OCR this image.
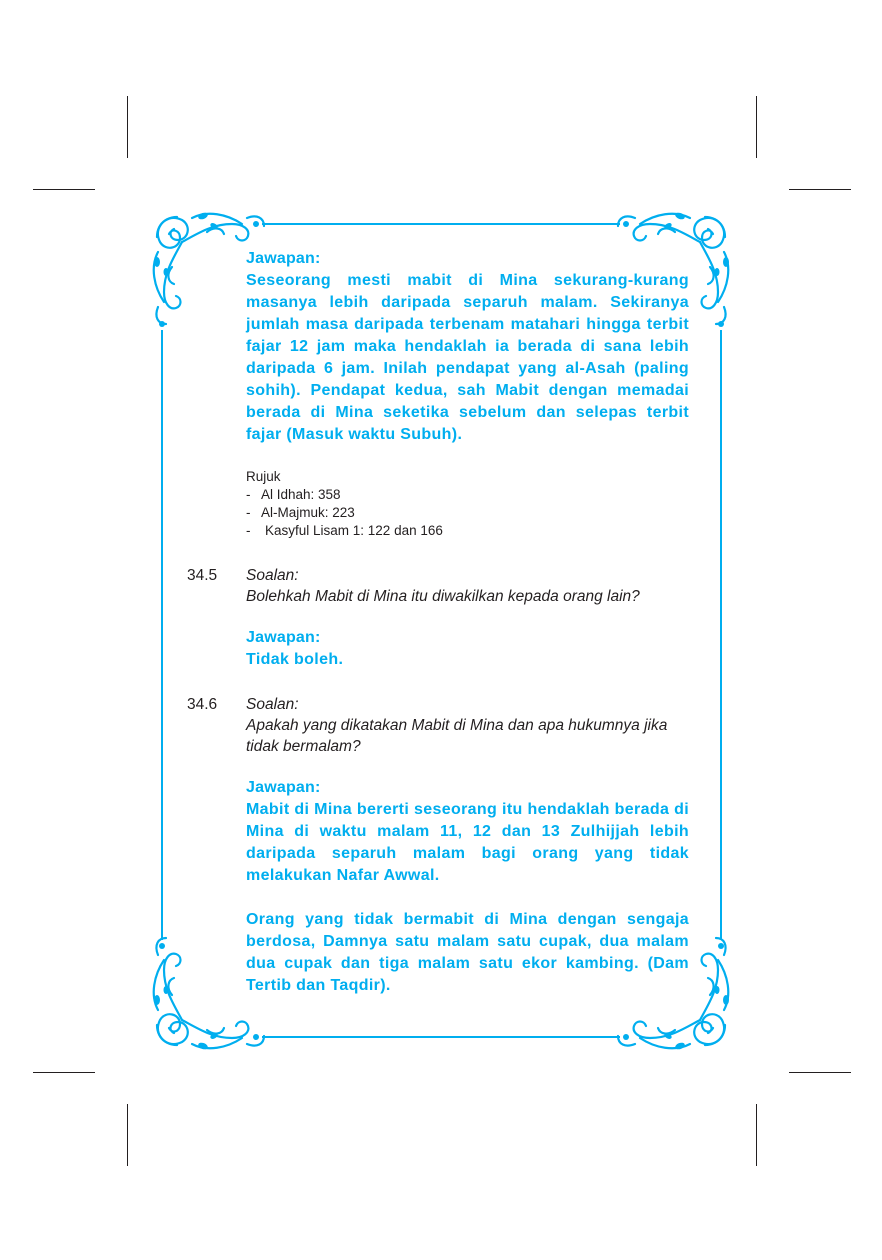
Jawapan:
Seseorang mesti mabit di Mina sekurang-kurang masanya lebih daripada separuh malam. Sekiranya jumlah masa daripada terbenam matahari hingga terbit fajar 12 jam maka hendaklah ia berada di sana lebih daripada 6 jam. Inilah pendapat yang al-Asah (paling sohih). Pendapat kedua, sah Mabit dengan memadai berada di Mina seketika sebelum dan selepas terbit fajar (Masuk waktu Subuh).
Rujuk
- Al Idhah: 358
- Al-Majmuk: 223
-	Kasyful Lisam 1: 122 dan 166
34.5 Soalan:
Bolehkah Mabit di Mina itu diwakilkan kepada orang lain?
Jawapan:
Tidak boleh.
34.6 Soalan:
Apakah yang dikatakan Mabit di Mina dan apa hukumnya jika tidak bermalam?
Jawapan:
Mabit di Mina bererti seseorang itu hendaklah berada di Mina di waktu malam 11, 12 dan 13 Zulhijjah lebih daripada separuh malam bagi orang yang tidak melakukan Nafar Awwal.
Orang yang tidak bermabit di Mina dengan sengaja berdosa, Damnya satu malam satu cupak, dua malam dua cupak dan tiga malam satu ekor kambing. (Dam Tertib dan Taqdir).
